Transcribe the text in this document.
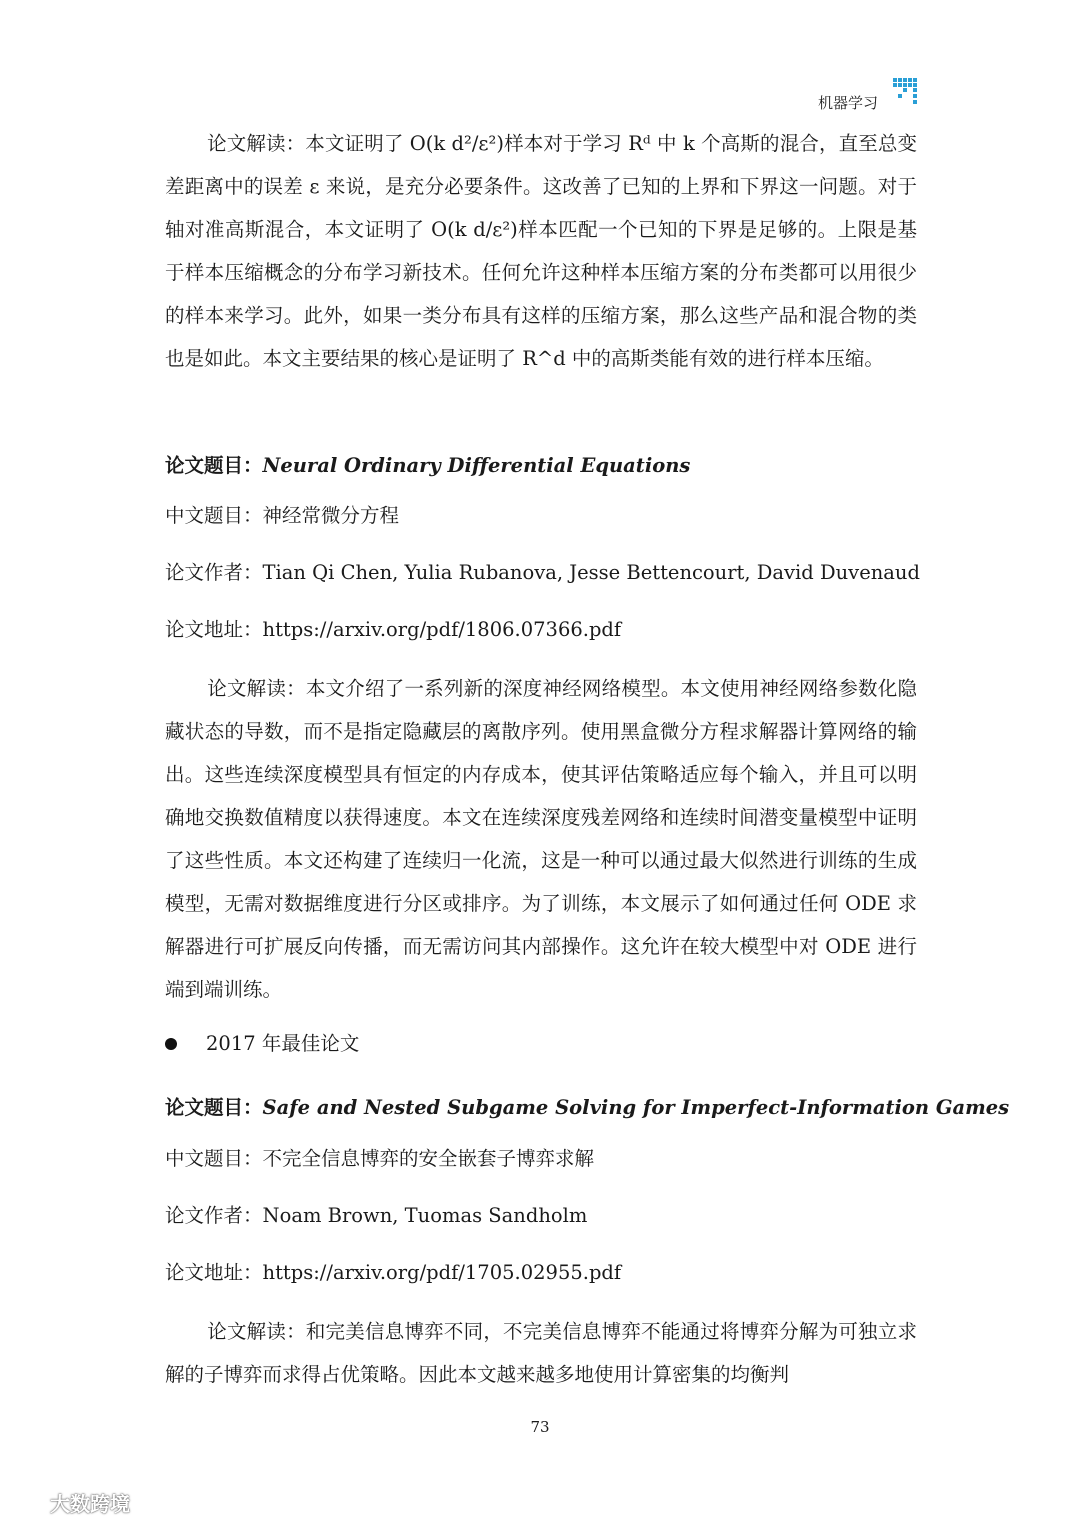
机器学习
论文解读：本文证明了 O(k d²/ε²)样本对于学习 Rᵈ 中 k 个高斯的混合，直至总变差距离中的误差 ε 来说，是充分必要条件。这改善了已知的上界和下界这一问题。对于轴对准高斯混合，本文证明了 O(k d/ε²)样本匹配一个已知的下界是足够的。上限是基于样本压缩概念的分布学习新技术。任何允许这种样本压缩方案的分布类都可以用很少的样本来学习。此外，如果一类分布具有这样的压缩方案，那么这些产品和混合物的类也是如此。本文主要结果的核心是证明了 R^d 中的高斯类能有效的进行样本压缩。
论文题目：Neural Ordinary Differential Equations
中文题目：神经常微分方程
论文作者：Tian Qi Chen, Yulia Rubanova, Jesse Bettencourt, David Duvenaud
论文地址：https://arxiv.org/pdf/1806.07366.pdf
论文解读：本文介绍了一系列新的深度神经网络模型。本文使用神经网络参数化隐藏状态的导数，而不是指定隐藏层的离散序列。使用黑盒微分方程求解器计算网络的输出。这些连续深度模型具有恒定的内存成本，使其评估策略适应每个输入，并且可以明确地交换数值精度以获得速度。本文在连续深度残差网络和连续时间潜变量模型中证明了这些性质。本文还构建了连续归一化流，这是一种可以通过最大似然进行训练的生成模型，无需对数据维度进行分区或排序。为了训练，本文展示了如何通过任何 ODE 求解器进行可扩展反向传播，而无需访问其内部操作。这允许在较大模型中对 ODE 进行端到端训练。
2017 年最佳论文
论文题目：Safe and Nested Subgame Solving for Imperfect-Information Games
中文题目：不完全信息博弈的安全嵌套子博弈求解
论文作者：Noam Brown, Tuomas Sandholm
论文地址：https://arxiv.org/pdf/1705.02955.pdf
论文解读：和完美信息博弈不同，不完美信息博弈不能通过将博弈分解为可独立求解的子博弈而求得占优策略。因此本文越来越多地使用计算密集的均衡判
73
大数跨境
